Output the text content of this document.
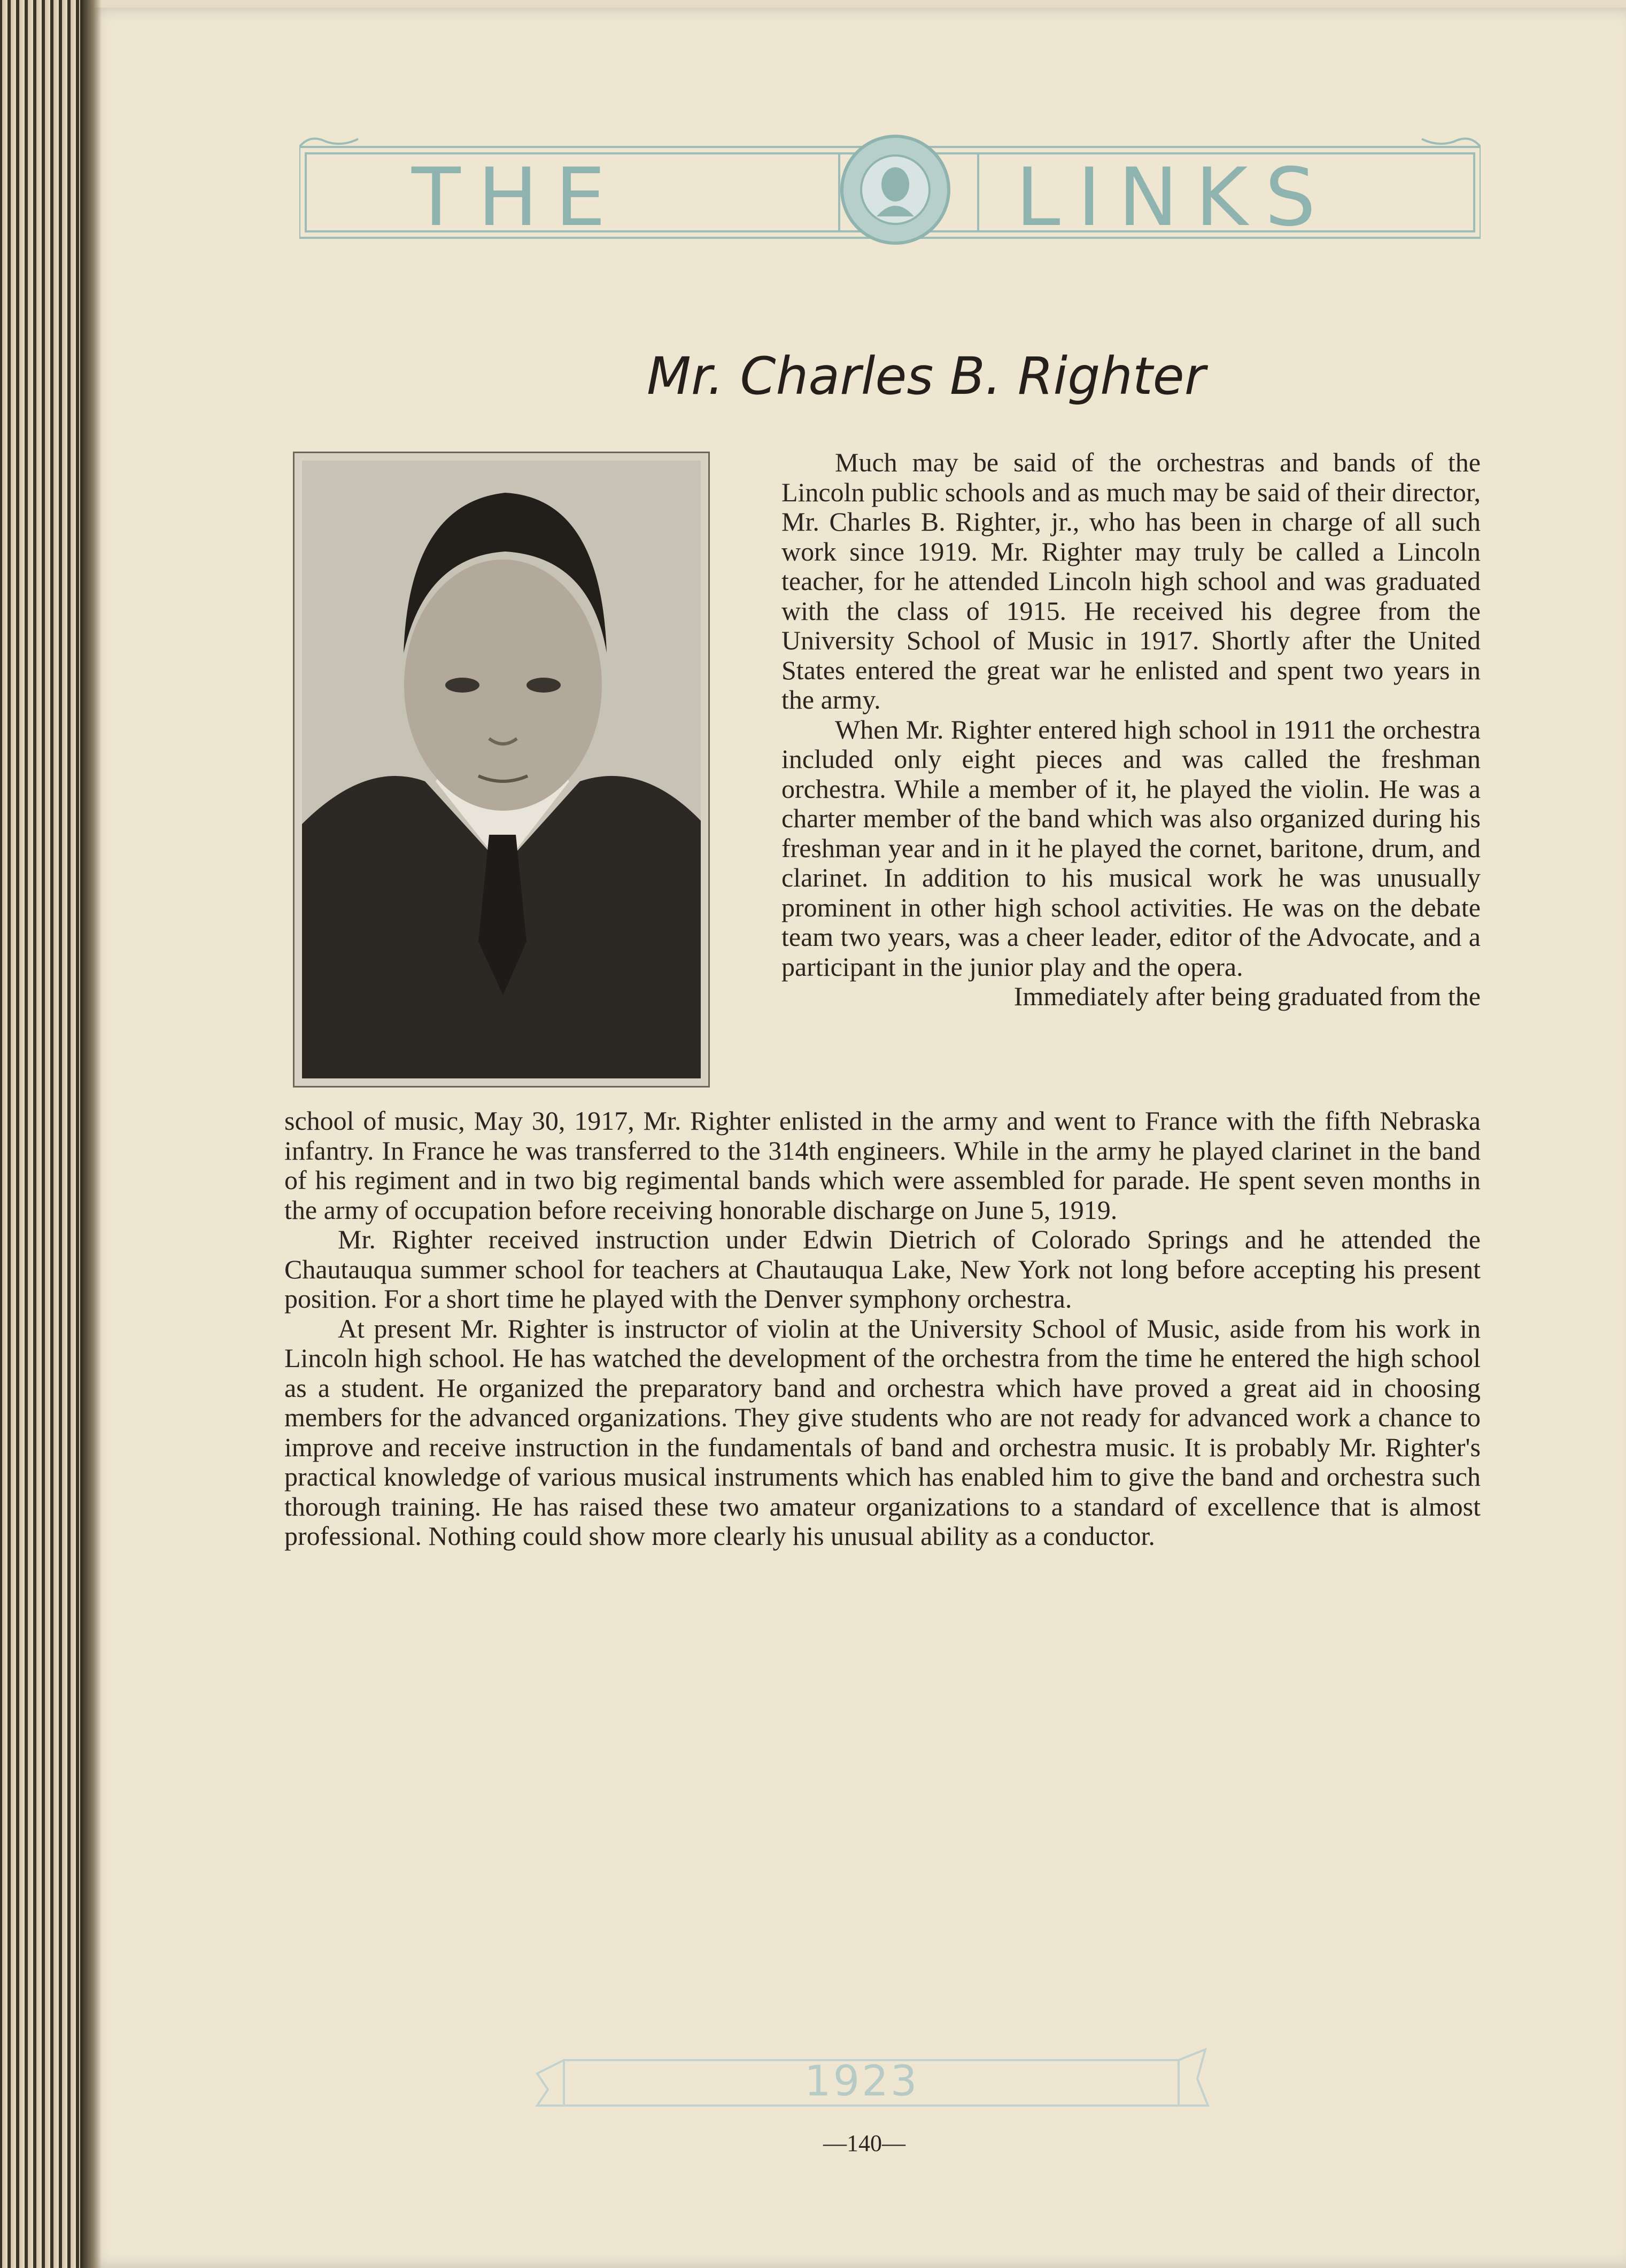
THE	LINKS
Mr. Charles B. Righter

Much may be said of the orchestras and bands of the Lincoln public schools and as much may be said of their director, Mr. Charles B. Righter, jr., who has been in charge of all such work since 1919. Mr. Righter may truly be called a Lincoln teacher, for he attended Lincoln high school and was graduated with the class of 1915. He received his degree from the University School of Music in 1917. Shortly after the United States entered the great war he enlisted and spent two years in the army.

When Mr. Righter entered high school in 1911 the orchestra included only eight pieces and was called the freshman orchestra. While a member of it, he played the violin. He was a charter member of the band which was also organized during his freshman year and in it he played the cornet, baritone, drum, and clarinet. In addition to his musical work he was unusually prominent in other high school activities. He was on the debate team two years, was a cheer leader, editor of the Advocate, and a participant in the junior play and the opera.

Immediately after being graduated from the

school of music, May 30, 1917, Mr. Righter enlisted in the army and went to France with the fifth Nebraska infantry. In France he was transferred to the 314th engineers. While in the army he played clarinet in the band of his regiment and in two big regimental bands which were assembled for parade. He spent seven months in the army of occupation before receiving honorable discharge on June 5, 1919.

Mr. Righter received instruction under Edwin Dietrich of Colorado Springs and he attended the Chautauqua summer school for teachers at Chautauqua Lake, New York not long before accepting his present position. For a short time he played with the Denver symphony orchestra.

At present Mr. Righter is instructor of violin at the University School of Music, aside from his work in Lincoln high school. He has watched the development of the orchestra from the time he entered the high school as a student. He organized the preparatory band and orchestra which have proved a great aid in choosing members for the advanced organizations. They give students who are not ready for advanced work a chance to improve and receive instruction in the fundamentals of band and orchestra music. It is probably Mr. Righter's practical knowledge of various musical instruments which has enabled him to give the band and orchestra such thorough training. He has raised these two amateur organizations to a standard of excellence that is almost professional. Nothing could show more clearly his unusual ability as a conductor.

1923
—140—
